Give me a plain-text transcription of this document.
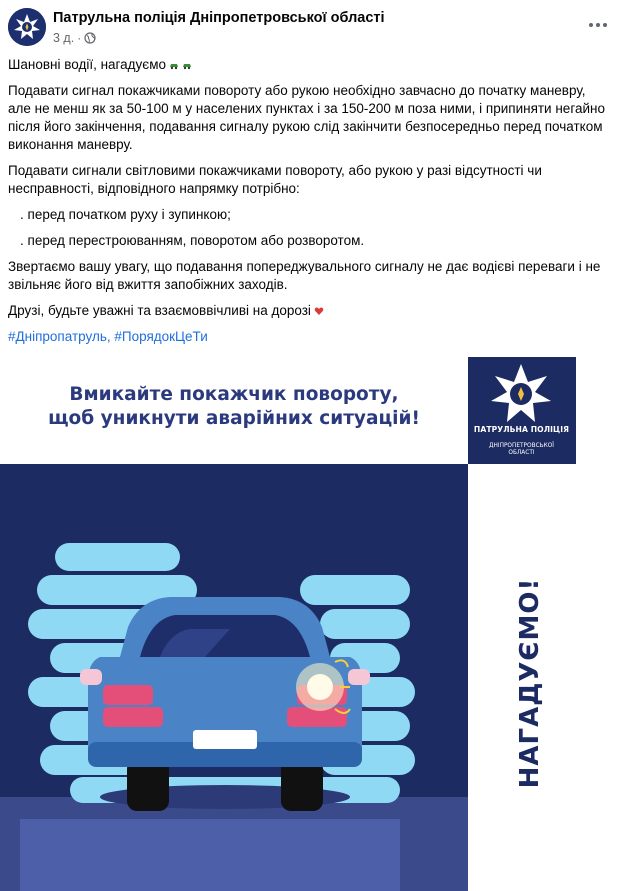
Патрульна поліція Дніпропетровської області
3 д. ·

Шановні водії, нагадуємо

Подавати сигнал покажчиками повороту або рукою необхідно завчасно до початку маневру, але не менш як за 50-100 м у населених пунктах і за 150-200 м поза ними, і припиняти негайно після його закінчення, подавання сигналу рукою слід закінчити безпосередньо перед початком виконання маневру.

Подавати сигнали світловими покажчиками повороту, або рукою у разі відсутності чи несправності, відповідного напрямку потрібно:

. перед початком руху і зупинкою;

. перед перестроюванням, поворотом або розворотом.

Звертаємо вашу увагу, що подавання попереджувального сигналу не дає водієві переваги і не звільняє його від вжиття запобіжних заходів.

Друзі, будьте уважні та взаємоввічливі на дорозі

#Дніпропатруль, #ПорядокЦеТи

Вмикайте покажчик повороту,
щоб уникнути аварійних ситуацій!
ПАТРУЛЬНА ПОЛІЦІЯ
ДНІПРОПЕТРОВСЬКОЇ
ОБЛАСТІ
НАГАДУЄМО!
